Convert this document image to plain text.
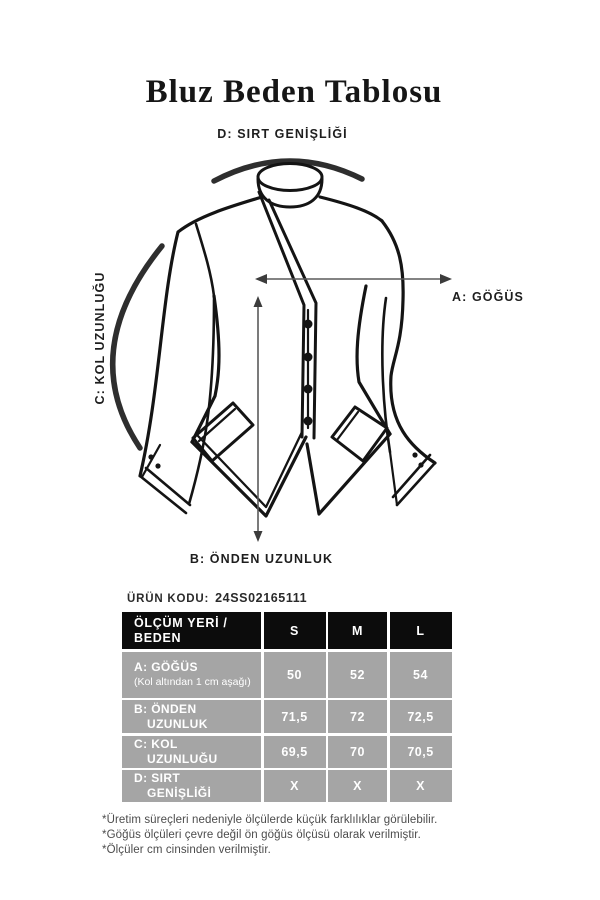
Bluz Beden Tablosu
D: SIRT GENİŞLİĞİ
A: GÖĞÜS
C: KOL UZUNLUĞU
B: ÖNDEN UZUNLUK
ÜRÜN KODU: 24SS02165111
ÖLÇÜM YERİ / BEDEN	S	M	L
A: GÖĞÜS
(Kol altından 1 cm aşağı)	50	52	54
B: ÖNDEN
UZUNLUK	71,5	72	72,5
C: KOL
UZUNLUĞU	69,5	70	70,5
D: SIRT
GENİŞLİĞİ	X	X	X
*Üretim süreçleri nedeniyle ölçülerde küçük farklılıklar görülebilir.
*Göğüs ölçüleri çevre değil ön göğüs ölçüsü olarak verilmiştir.
*Ölçüler cm cinsinden verilmiştir.
